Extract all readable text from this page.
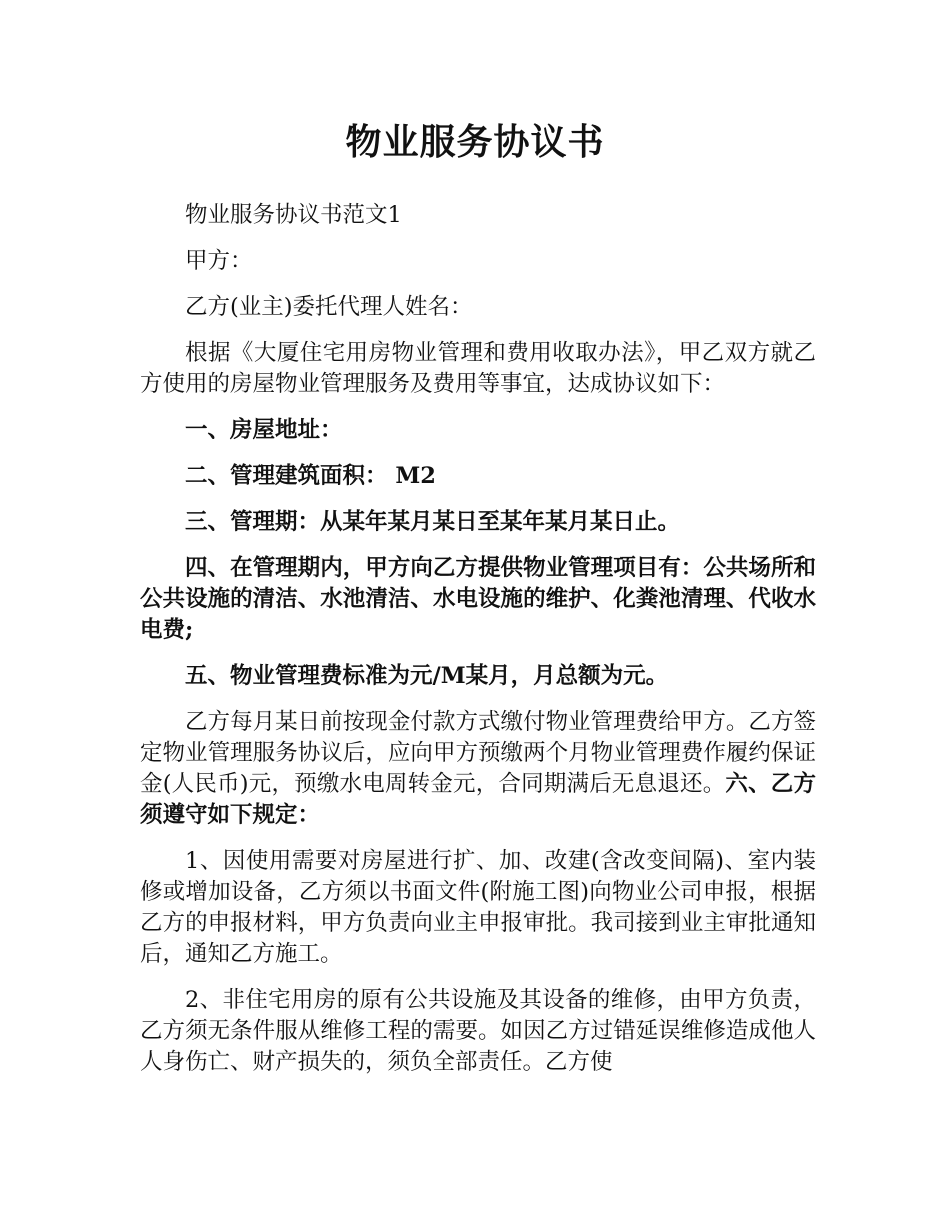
物业服务协议书

物业服务协议书范文1

甲方：

乙方(业主)委托代理人姓名：

根据《大厦住宅用房物业管理和费用收取办法》，甲乙双方就乙方使用的房屋物业管理服务及费用等事宜，达成协议如下：

一、房屋地址：

二、管理建筑面积： M2

三、管理期：从某年某月某日至某年某月某日止。

四、在管理期内，甲方向乙方提供物业管理项目有：公共场所和公共设施的清洁、水池清洁、水电设施的维护、化粪池清理、代收水电费;

五、物业管理费标准为元/M某月，月总额为元。

乙方每月某日前按现金付款方式缴付物业管理费给甲方。乙方签定物业管理服务协议后，应向甲方预缴两个月物业管理费作履约保证金(人民币)元，预缴水电周转金元，合同期满后无息退还。六、乙方须遵守如下规定：

1、因使用需要对房屋进行扩、加、改建(含改变间隔)、室内装修或增加设备，乙方须以书面文件(附施工图)向物业公司申报，根据乙方的申报材料，甲方负责向业主申报审批。我司接到业主审批通知后，通知乙方施工。

2、非住宅用房的原有公共设施及其设备的维修，由甲方负责，乙方须无条件服从维修工程的需要。如因乙方过错延误维修造成他人人身伤亡、财产损失的，须负全部责任。乙方使
